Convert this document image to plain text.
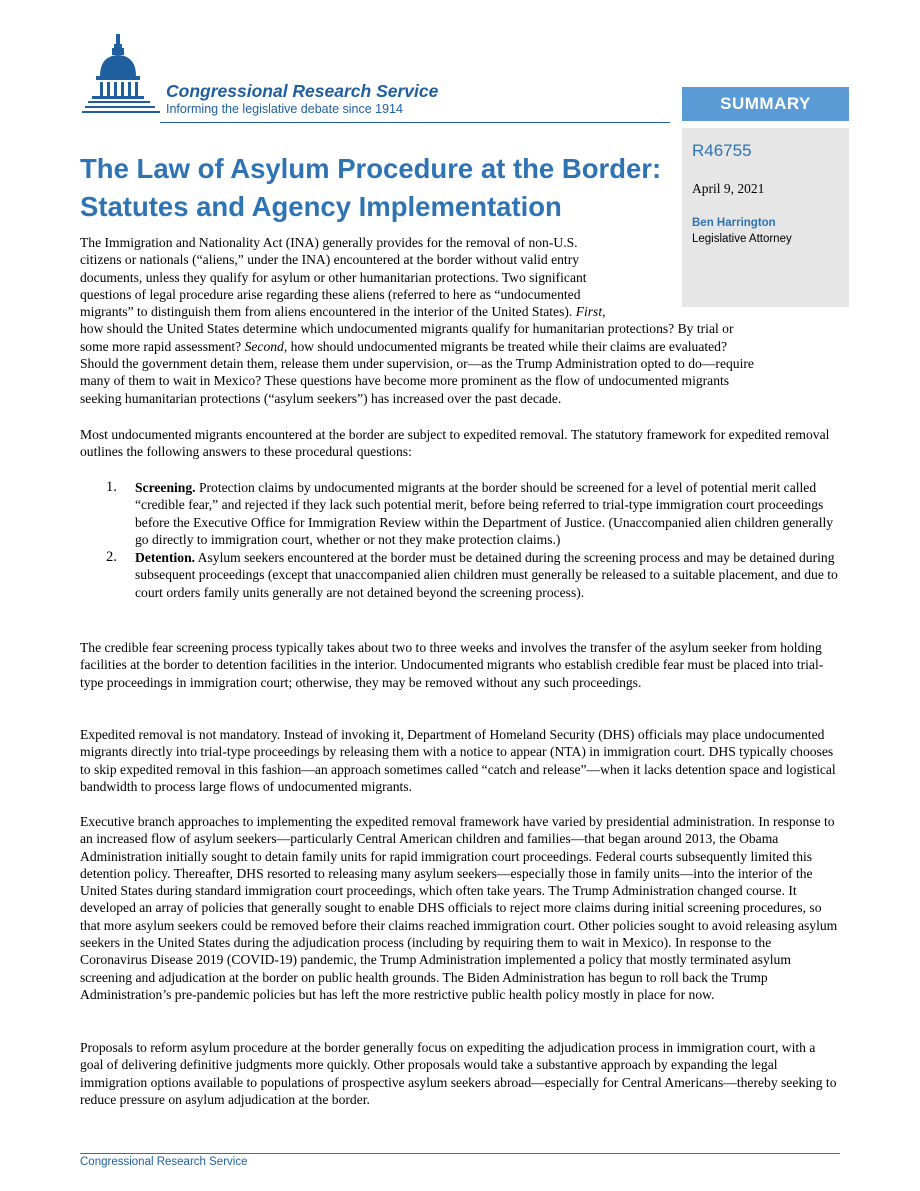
Congressional Research Service
Informing the legislative debate since 1914	SUMMARY
R46755
April 9, 2021
Ben Harrington
Legislative Attorney
The Law of Asylum Procedure at the Border:
Statutes and Agency Implementation

The Immigration and Nationality Act (INA) generally provides for the removal of non-U.S.
citizens or nationals (“aliens,” under the INA) encountered at the border without valid entry
documents, unless they qualify for asylum or other humanitarian protections. Two significant
questions of legal procedure arise regarding these aliens (referred to here as “undocumented
migrants” to distinguish them from aliens encountered in the interior of the United States). First,
how should the United States determine which undocumented migrants qualify for humanitarian protections? By trial or
some more rapid assessment? Second, how should undocumented migrants be treated while their claims are evaluated?
Should the government detain them, release them under supervision, or—as the Trump Administration opted to do—require
many of them to wait in Mexico? These questions have become more prominent as the flow of undocumented migrants
seeking humanitarian protections (“asylum seekers”) has increased over the past decade.

Most undocumented migrants encountered at the border are subject to expedited removal. The statutory framework for expedited removal outlines the following answers to these procedural questions:

1. Screening. Protection claims by undocumented migrants at the border should be screened for a level of potential merit called “credible fear,” and rejected if they lack such potential merit, before being referred to trial-type immigration court proceedings before the Executive Office for Immigration Review within the Department of Justice. (Unaccompanied alien children generally go directly to immigration court, whether or not they make protection claims.)
2. Detention. Asylum seekers encountered at the border must be detained during the screening process and may be detained during subsequent proceedings (except that unaccompanied alien children must generally be released to a suitable placement, and due to court orders family units generally are not detained beyond the screening process).

The credible fear screening process typically takes about two to three weeks and involves the transfer of the asylum seeker from holding facilities at the border to detention facilities in the interior. Undocumented migrants who establish credible fear must be placed into trial-type proceedings in immigration court; otherwise, they may be removed without any such proceedings.

Expedited removal is not mandatory. Instead of invoking it, Department of Homeland Security (DHS) officials may place undocumented migrants directly into trial-type proceedings by releasing them with a notice to appear (NTA) in immigration court. DHS typically chooses to skip expedited removal in this fashion—an approach sometimes called “catch and release”—when it lacks detention space and logistical bandwidth to process large flows of undocumented migrants.

Executive branch approaches to implementing the expedited removal framework have varied by presidential administration. In response to an increased flow of asylum seekers—particularly Central American children and families—that began around 2013, the Obama Administration initially sought to detain family units for rapid immigration court proceedings. Federal courts subsequently limited this detention policy. Thereafter, DHS resorted to releasing many asylum seekers—especially those in family units—into the interior of the United States during standard immigration court proceedings, which often take years. The Trump Administration changed course. It developed an array of policies that generally sought to enable DHS officials to reject more claims during initial screening procedures, so that more asylum seekers could be removed before their claims reached immigration court. Other policies sought to avoid releasing asylum seekers in the United States during the adjudication process (including by requiring them to wait in Mexico). In response to the Coronavirus Disease 2019 (COVID-19) pandemic, the Trump Administration implemented a policy that mostly terminated asylum screening and adjudication at the border on public health grounds. The Biden Administration has begun to roll back the Trump Administration’s pre-pandemic policies but has left the more restrictive public health policy mostly in place for now.

Proposals to reform asylum procedure at the border generally focus on expediting the adjudication process in immigration court, with a goal of delivering definitive judgments more quickly. Other proposals would take a substantive approach by expanding the legal immigration options available to populations of prospective asylum seekers abroad—especially for Central Americans—thereby seeking to reduce pressure on asylum adjudication at the border.

Congressional Research Service
